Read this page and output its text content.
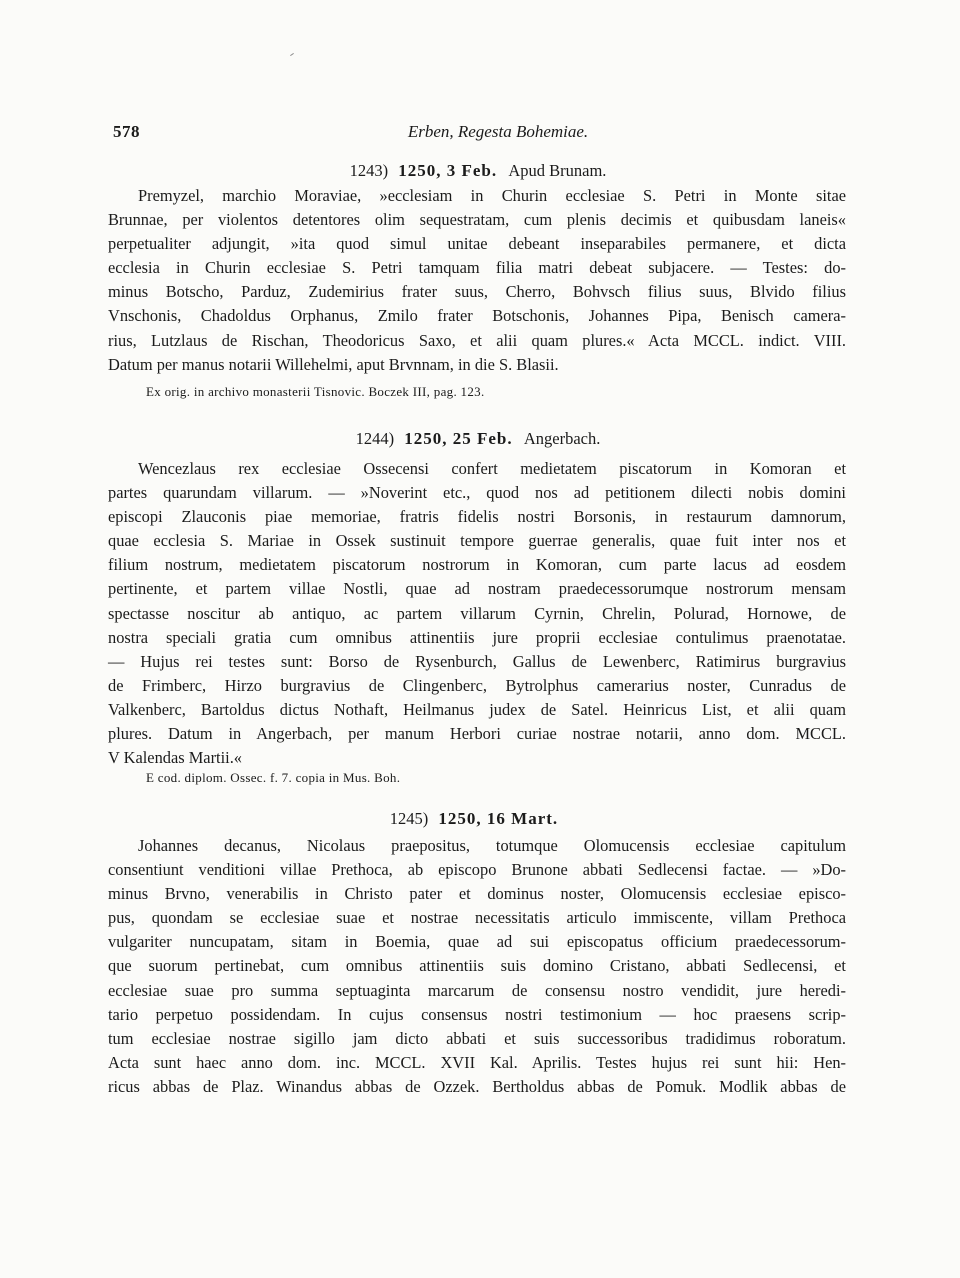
578	Erben, Regesta Bohemiae.
1243) 1250, 3 Feb. Apud Brunam.
Premyzel, marchio Moraviae, »ecclesiam in Churin ecclesiae S. Petri in Monte sitae
Brunnae, per violentos detentores olim sequestratam, cum plenis decimis et quibusdam laneis«
perpetualiter adjungit, »ita quod simul unitae debeant inseparabiles permanere, et dicta
ecclesia in Churin ecclesiae S. Petri tamquam filia matri debeat subjacere. — Testes: do-
minus Botscho, Parduz, Zudemirius frater suus, Cherro, Bohvsch filius suus, Blvido filius
Vnschonis, Chadoldus Orphanus, Zmilo frater Botschonis, Johannes Pipa, Benisch camera-
rius, Lutzlaus de Rischan, Theodoricus Saxo, et alii quam plures.« Acta MCCL. indict. VIII.
Datum per manus notarii Willehelmi, aput Brvnnam, in die S. Blasii.
Ex orig. in archivo monasterii Tisnovic. Boczek III, pag. 123.
1244) 1250, 25 Feb. Angerbach.
Wencezlaus rex ecclesiae Ossecensi confert medietatem piscatorum in Komoran et
partes quarundam villarum. — »Noverint etc., quod nos ad petitionem dilecti nobis domini
episcopi Zlauconis piae memoriae, fratris fidelis nostri Borsonis, in restaurum damnorum,
quae ecclesia S. Mariae in Ossek sustinuit tempore guerrae generalis, quae fuit inter nos et
filium nostrum, medietatem piscatorum nostrorum in Komoran, cum parte lacus ad eosdem
pertinente, et partem villae Nostli, quae ad nostram praedecessorumque nostrorum mensam
spectasse noscitur ab antiquo, ac partem villarum Cyrnin, Chrelin, Polurad, Hornowe, de
nostra speciali gratia cum omnibus attinentiis jure proprii ecclesiae contulimus praenotatae.
— Hujus rei testes sunt: Borso de Rysenburch, Gallus de Lewenberc, Ratimirus burgravius
de Frimberc, Hirzo burgravius de Clingenberc, Bytrolphus camerarius noster, Cunradus de
Valkenberc, Bartoldus dictus Nothaft, Heilmanus judex de Satel. Heinricus List, et alii quam
plures. Datum in Angerbach, per manum Herbori curiae nostrae notarii, anno dom. MCCL.
V Kalendas Martii.«
E cod. diplom. Ossec. f. 7. copia in Mus. Boh.
1245) 1250, 16 Mart.
Johannes decanus, Nicolaus praepositus, totumque Olomucensis ecclesiae capitulum
consentiunt venditioni villae Prethoca, ab episcopo Brunone abbati Sedlecensi factae. — »Do-
minus Brvno, venerabilis in Christo pater et dominus noster, Olomucensis ecclesiae episco-
pus, quondam se ecclesiae suae et nostrae necessitatis articulo immiscente, villam Prethoca
vulgariter nuncupatam, sitam in Boemia, quae ad sui episcopatus officium praedecessorum-
que suorum pertinebat, cum omnibus attinentiis suis domino Cristano, abbati Sedlecensi, et
ecclesiae suae pro summa septuaginta marcarum de consensu nostro vendidit, jure heredi-
tario perpetuo possidendam. In cujus consensus nostri testimonium — hoc praesens scrip-
tum ecclesiae nostrae sigillo jam dicto abbati et suis successoribus tradidimus roboratum.
Acta sunt haec anno dom. inc. MCCL. XVII Kal. Aprilis. Testes hujus rei sunt hii: Hen-
ricus abbas de Plaz. Winandus abbas de Ozzek. Bertholdus abbas de Pomuk. Modlik abbas de
